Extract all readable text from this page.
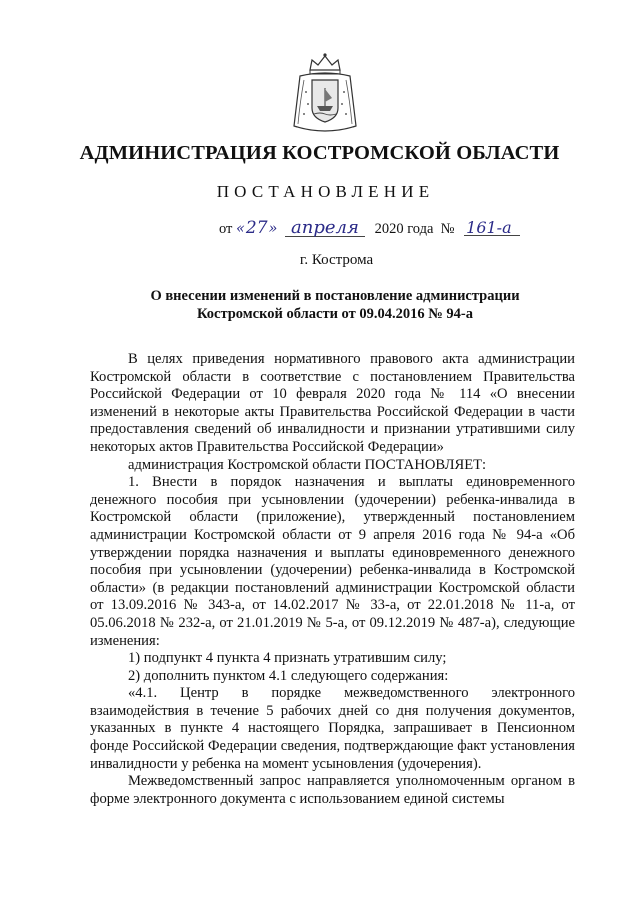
АДМИНИСТРАЦИЯ КОСТРОМСКОЙ ОБЛАСТИ
ПОСТАНОВЛЕНИЕ
от «27» апреля 2020 года № 161-а
г. Кострома
О внесении изменений в постановление администрации
Костромской области от 09.04.2016 № 94-а

В целях приведения нормативного правового акта администрации Костромской области в соответствие с постановлением Правительства Российской Федерации от 10 февраля 2020 года № 114 «О внесении изменений в некоторые акты Правительства Российской Федерации в части предоставления сведений об инвалидности и признании утратившими силу некоторых актов Правительства Российской Федерации»

администрация Костромской области ПОСТАНОВЛЯЕТ:

1. Внести в порядок назначения и выплаты единовременного денежного пособия при усыновлении (удочерении) ребенка-инвалида в Костромской области (приложение), утвержденный постановлением администрации Костромской области от 9 апреля 2016 года № 94-а «Об утверждении порядка назначения и выплаты единовременного денежного пособия при усыновлении (удочерении) ребенка-инвалида в Костромской области» (в редакции постановлений администрации Костромской области от 13.09.2016 № 343-а, от 14.02.2017 № 33-а, от 22.01.2018 № 11-а, от 05.06.2018 № 232-а, от 21.01.2019 № 5-а, от 09.12.2019 № 487-а), следующие изменения:

1) подпункт 4 пункта 4 признать утратившим силу;

2) дополнить пунктом 4.1 следующего содержания:

«4.1. Центр в порядке межведомственного электронного взаимодействия в течение 5 рабочих дней со дня получения документов, указанных в пункте 4 настоящего Порядка, запрашивает в Пенсионном фонде Российской Федерации сведения, подтверждающие факт установления инвалидности у ребенка на момент усыновления (удочерения).

Межведомственный запрос направляется уполномоченным органом в форме электронного документа с использованием единой системы
